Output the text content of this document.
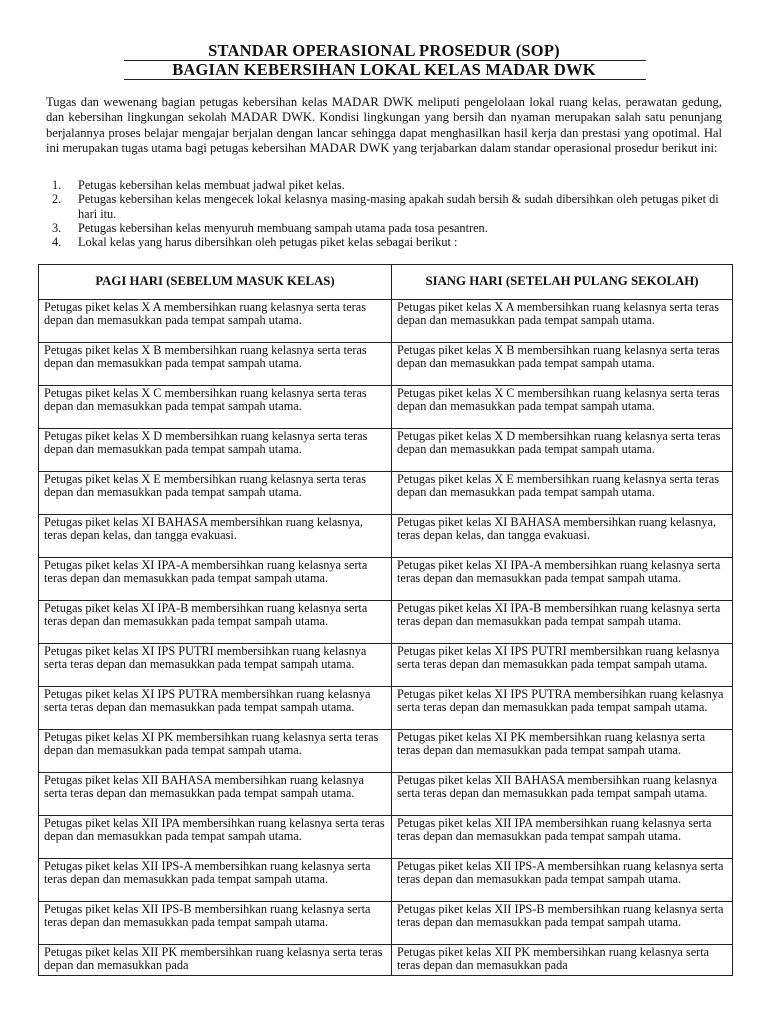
STANDAR OPERASIONAL PROSEDUR (SOP)
BAGIAN KEBERSIHAN LOKAL KELAS MADAR DWK

Tugas dan wewenang bagian petugas kebersihan kelas MADAR DWK meliputi pengelolaan lokal ruang kelas, perawatan gedung, dan kebersihan lingkungan sekolah MADAR DWK. Kondisi lingkungan yang bersih dan nyaman merupakan salah satu penunjang berjalannya proses belajar mengajar berjalan dengan lancar sehingga dapat menghasilkan hasil kerja dan prestasi yang opotimal. Hal ini merupakan tugas utama bagi petugas kebersihan MADAR DWK yang terjabarkan dalam standar operasional prosedur berikut ini:

1.	Petugas kebersihan kelas membuat jadwal piket kelas.
2.	Petugas kebersihan kelas mengecek lokal kelasnya masing-masing apakah sudah bersih & sudah dibersihkan oleh petugas piket di hari itu.
3.	Petugas kebersihan kelas menyuruh membuang sampah utama pada tosa pesantren.
4.	Lokal kelas yang harus dibersihkan oleh petugas piket kelas sebagai berikut :
PAGI HARI (SEBELUM MASUK KELAS)	SIANG HARI (SETELAH PULANG SEKOLAH)
Petugas piket kelas X A membersihkan ruang kelasnya serta teras depan dan memasukkan pada tempat sampah utama.	Petugas piket kelas X A membersihkan ruang kelasnya serta teras depan dan memasukkan pada tempat sampah utama.
Petugas piket kelas X B membersihkan ruang kelasnya serta teras depan dan memasukkan pada tempat sampah utama.	Petugas piket kelas X B membersihkan ruang kelasnya serta teras depan dan memasukkan pada tempat sampah utama.
Petugas piket kelas X C membersihkan ruang kelasnya serta teras depan dan memasukkan pada tempat sampah utama.	Petugas piket kelas X C membersihkan ruang kelasnya serta teras depan dan memasukkan pada tempat sampah utama.
Petugas piket kelas X D membersihkan ruang kelasnya serta teras depan dan memasukkan pada tempat sampah utama.	Petugas piket kelas X D membersihkan ruang kelasnya serta teras depan dan memasukkan pada tempat sampah utama.
Petugas piket kelas X E membersihkan ruang kelasnya serta teras depan dan memasukkan pada tempat sampah utama.	Petugas piket kelas X E membersihkan ruang kelasnya serta teras depan dan memasukkan pada tempat sampah utama.
Petugas piket kelas XI BAHASA membersihkan ruang kelasnya, teras depan kelas, dan tangga evakuasi.	Petugas piket kelas XI BAHASA membersihkan ruang kelasnya, teras depan kelas, dan tangga evakuasi.
Petugas piket kelas XI IPA-A membersihkan ruang kelasnya serta teras depan dan memasukkan pada tempat sampah utama.	Petugas piket kelas XI IPA-A membersihkan ruang kelasnya serta teras depan dan memasukkan pada tempat sampah utama.
Petugas piket kelas XI IPA-B membersihkan ruang kelasnya serta teras depan dan memasukkan pada tempat sampah utama.	Petugas piket kelas XI IPA-B membersihkan ruang kelasnya serta teras depan dan memasukkan pada tempat sampah utama.
Petugas piket kelas XI IPS PUTRI membersihkan ruang kelasnya serta teras depan dan memasukkan pada tempat sampah utama.	Petugas piket kelas XI IPS PUTRI membersihkan ruang kelasnya serta teras depan dan memasukkan pada tempat sampah utama.
Petugas piket kelas XI IPS PUTRA membersihkan ruang kelasnya serta teras depan dan memasukkan pada tempat sampah utama.	Petugas piket kelas XI IPS PUTRA membersihkan ruang kelasnya serta teras depan dan memasukkan pada tempat sampah utama.
Petugas piket kelas XI PK membersihkan ruang kelasnya serta teras depan dan memasukkan pada tempat sampah utama.	Petugas piket kelas XI PK membersihkan ruang kelasnya serta teras depan dan memasukkan pada tempat sampah utama.
Petugas piket kelas XII BAHASA membersihkan ruang kelasnya serta teras depan dan memasukkan pada tempat sampah utama.	Petugas piket kelas XII BAHASA membersihkan ruang kelasnya serta teras depan dan memasukkan pada tempat sampah utama.
Petugas piket kelas XII IPA membersihkan ruang kelasnya serta teras depan dan memasukkan pada tempat sampah utama.	Petugas piket kelas XII IPA membersihkan ruang kelasnya serta teras depan dan memasukkan pada tempat sampah utama.
Petugas piket kelas XII IPS-A membersihkan ruang kelasnya serta teras depan dan memasukkan pada tempat sampah utama.	Petugas piket kelas XII IPS-A membersihkan ruang kelasnya serta teras depan dan memasukkan pada tempat sampah utama.
Petugas piket kelas XII IPS-B membersihkan ruang kelasnya serta teras depan dan memasukkan pada tempat sampah utama.	Petugas piket kelas XII IPS-B membersihkan ruang kelasnya serta teras depan dan memasukkan pada tempat sampah utama.
Petugas piket kelas XII PK membersihkan ruang kelasnya serta teras depan dan memasukkan pada	Petugas piket kelas XII PK membersihkan ruang kelasnya serta teras depan dan memasukkan pada
